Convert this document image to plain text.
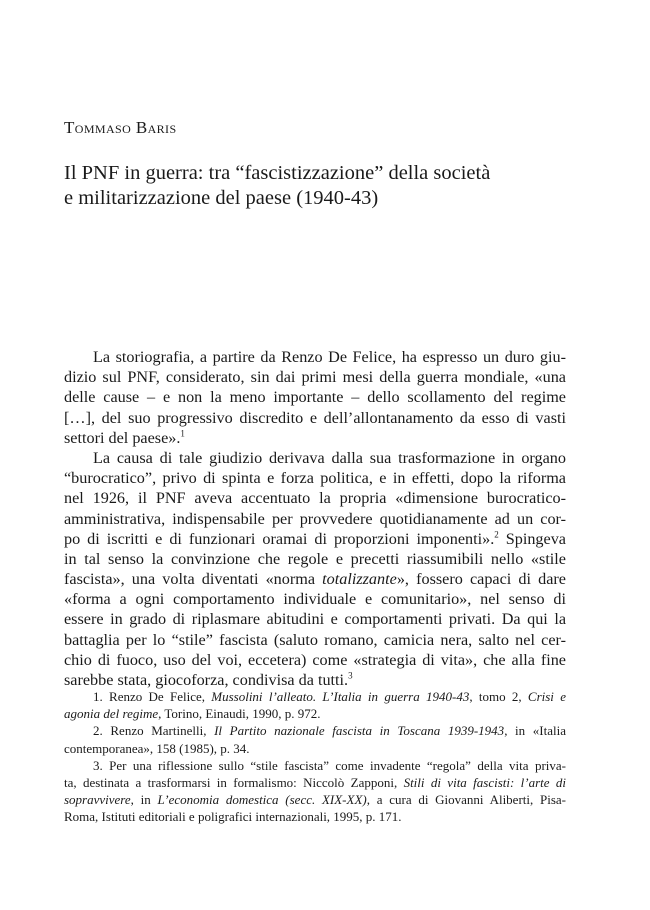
Tommaso Baris

Il PNF in guerra: tra “fascistizzazione” della società
e militarizzazione del paese (1940-43)
La storiografia, a partire da Renzo De Felice, ha espresso un duro giu-
dizio sul PNF, considerato, sin dai primi mesi della guerra mondiale, «una
delle cause – e non la meno importante – dello scollamento del regime
[…], del suo progressivo discredito e dell’allontanamento da esso di vasti
settori del paese».$^1$
La causa di tale giudizio derivava dalla sua trasformazione in organo
“burocratico”, privo di spinta e forza politica, e in effetti, dopo la riforma
nel 1926, il PNF aveva accentuato la propria «dimensione burocratico-
amministrativa, indispensabile per provvedere quotidianamente ad un cor-
po di iscritti e di funzionari oramai di proporzioni imponenti».$^2$ Spingeva
in tal senso la convinzione che regole e precetti riassumibili nello «stile
fascista», una volta diventati «norma totalizzante», fossero capaci di dare
«forma a ogni comportamento individuale e comunitario», nel senso di
essere in grado di riplasmare abitudini e comportamenti privati. Da qui la
battaglia per lo “stile” fascista (saluto romano, camicia nera, salto nel cer-
chio di fuoco, uso del voi, eccetera) come «strategia di vita», che alla fine
sarebbe stata, giocoforza, condivisa da tutti.$^3$
1. Renzo De Felice, Mussolini l’alleato. L’Italia in guerra 1940-43, tomo 2, Crisi e
agonia del regime, Torino, Einaudi, 1990, p. 972.
2. Renzo Martinelli, Il Partito nazionale fascista in Toscana 1939-1943, in «Italia
contemporanea», 158 (1985), p. 34.
3. Per una riflessione sullo “stile fascista” come invadente “regola” della vita priva-
ta, destinata a trasformarsi in formalismo: Niccolò Zapponi, Stili di vita fascisti: l’arte di
sopravvivere, in L’economia domestica (secc. XIX-XX), a cura di Giovanni Aliberti, Pisa-
Roma, Istituti editoriali e poligrafici internazionali, 1995, p. 171.
